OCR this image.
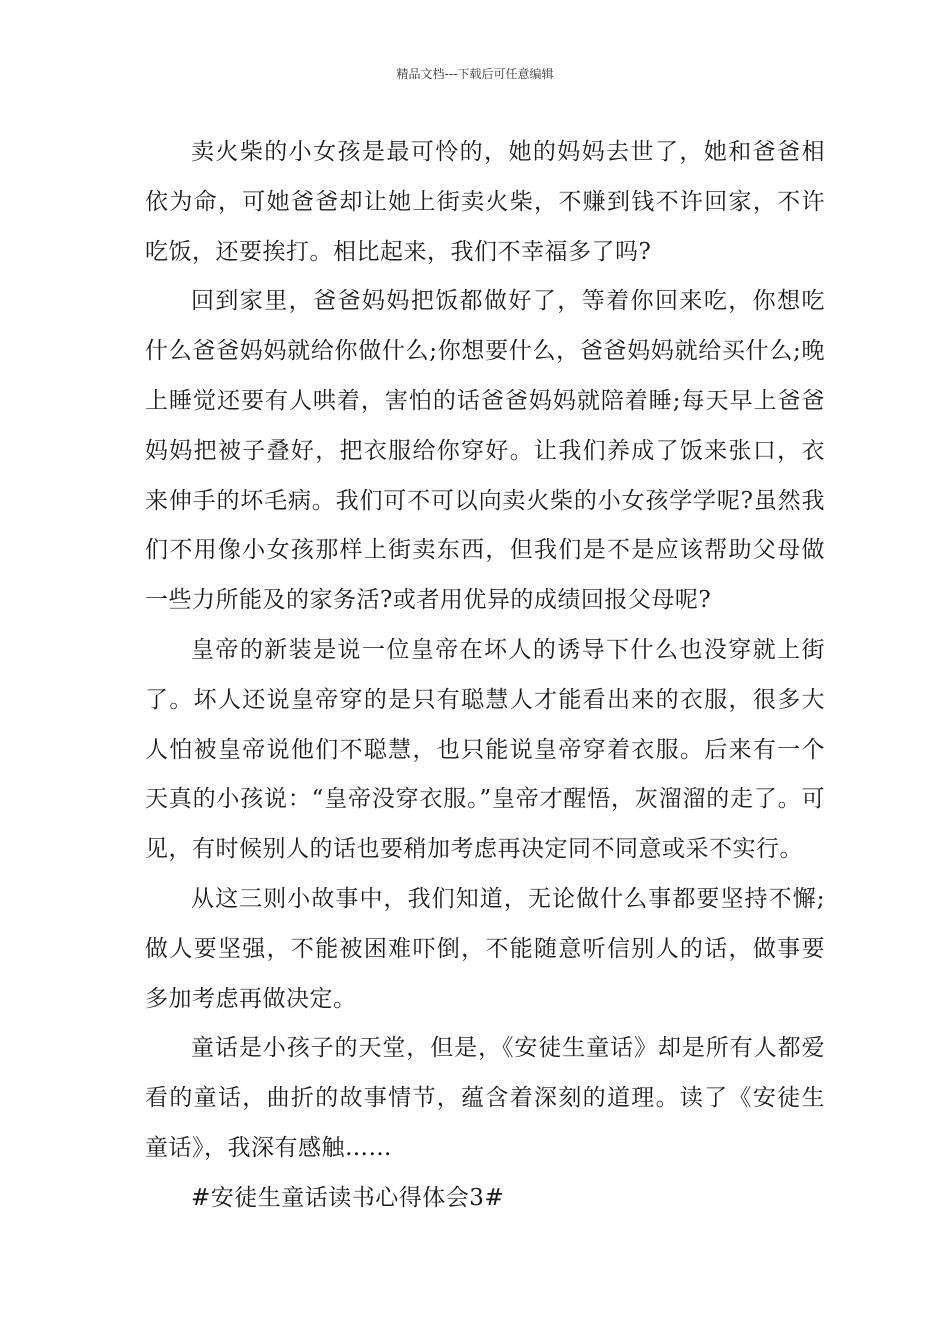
精品文档---下载后可任意编辑

卖火柴的小女孩是最可怜的，她的妈妈去世了，她和爸爸相依为命，可她爸爸却让她上街卖火柴，不赚到钱不许回家，不许吃饭，还要挨打。相比起来，我们不幸福多了吗?

回到家里，爸爸妈妈把饭都做好了，等着你回来吃，你想吃什么爸爸妈妈就给你做什么;你想要什么，爸爸妈妈就给买什么;晚上睡觉还要有人哄着，害怕的话爸爸妈妈就陪着睡;每天早上爸爸妈妈把被子叠好，把衣服给你穿好。让我们养成了饭来张口，衣来伸手的坏毛病。我们可不可以向卖火柴的小女孩学学呢?虽然我们不用像小女孩那样上街卖东西，但我们是不是应该帮助父母做一些力所能及的家务活?或者用优异的成绩回报父母呢?

皇帝的新装是说一位皇帝在坏人的诱导下什么也没穿就上街了。坏人还说皇帝穿的是只有聪慧人才能看出来的衣服，很多大人怕被皇帝说他们不聪慧，也只能说皇帝穿着衣服。后来有一个天真的小孩说：“皇帝没穿衣服。”皇帝才醒悟，灰溜溜的走了。可见，有时候别人的话也要稍加考虑再决定同不同意或采不实行。

从这三则小故事中，我们知道，无论做什么事都要坚持不懈;做人要坚强，不能被困难吓倒，不能随意听信别人的话，做事要多加考虑再做决定。

童话是小孩子的天堂，但是，《安徒生童话》却是所有人都爱看的童话，曲折的故事情节，蕴含着深刻的道理。读了《安徒生童话》，我深有感触……

#安徒生童话读书心得体会3#
